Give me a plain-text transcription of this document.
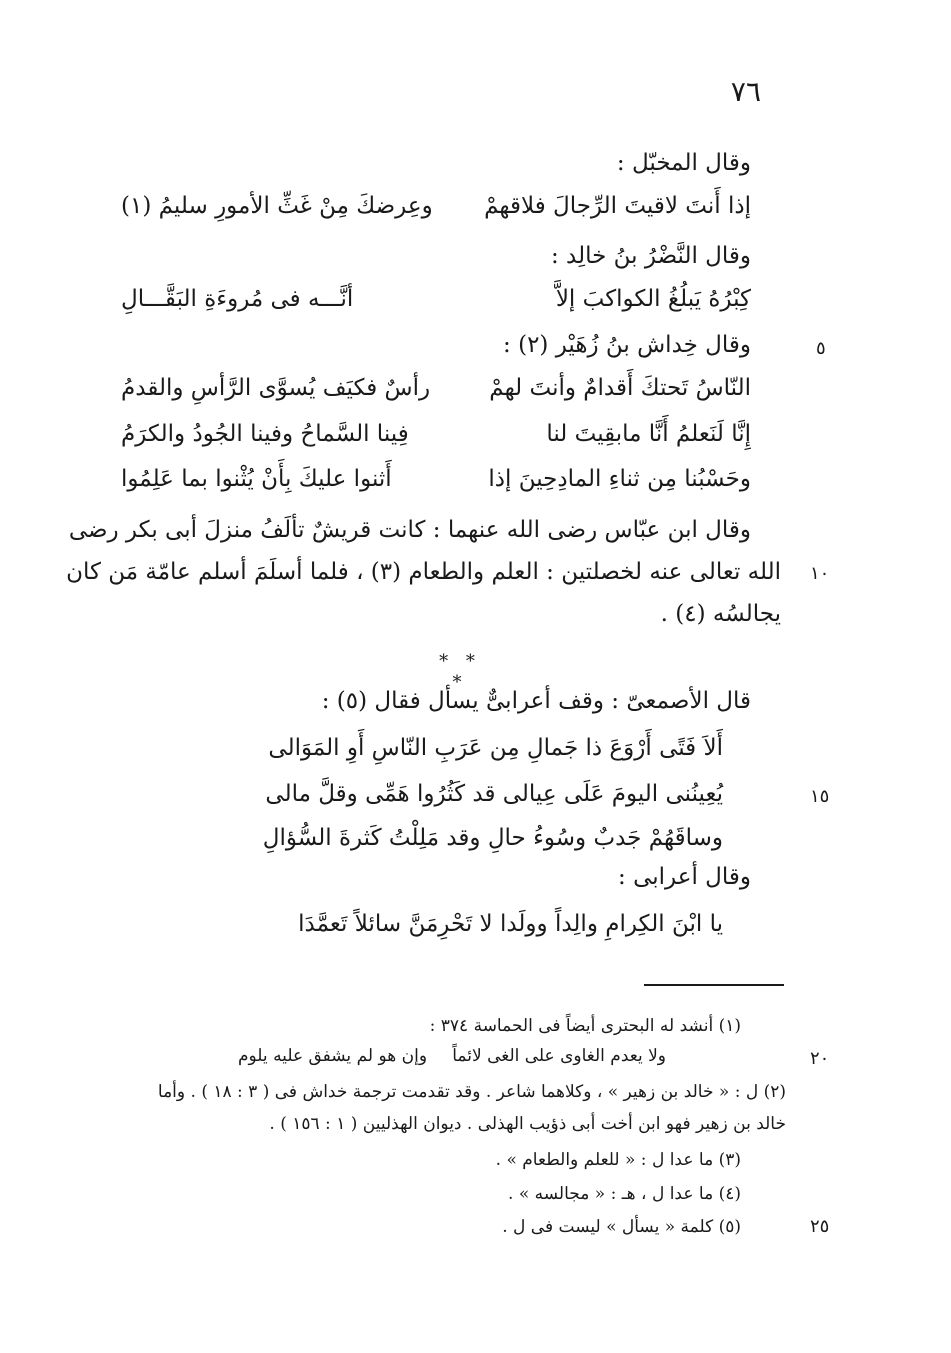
٧٦
وقال المخبّل :
إذا أَنتَ لاقيتَ الرِّجالَ فلاقهمْ
وعِرضكَ مِنْ غَثِّ الأمورِ سليمُ (١)
وقال النَّضْرُ بنُ خالِد :
كِبْرُهُ يَبلُغُ الكواكبَ إلاَّ
أنَّـــه فى مُروءَةِ البَقَّـــالِ
وقال خِداش بنُ زُهَيْر (٢) :	٥
النّاسُ تَحتكَ أَقدامٌ وأنتَ لهمْ
رأسٌ فكيَف يُسوَّى الرَّأسِ والقدمُ
إِنَّا لَنَعلمُ أَنَّا مابقِيتَ لنا
فِينا السَّماحُ وفينا الجُودُ والكرَمُ
وحَسْبُنا مِن ثناءِ المادِحِينَ إذا
أَثنوا عليكَ بِأَنْ يُثْنوا بما عَلِمُوا
وقال ابن عبّاس رضى الله عنهما : كانت قريشٌ تألَفُ منزلَ أبى بكر رضى
الله تعالى عنه لخصلتين : العلم والطعام (٣) ، فلما أسلَمَ أسلم عامّة مَن كان ١٠
يجالسُه (٤) .
* * *
قال الأصمعىّ : وقف أعرابىٌّ يسأل فقال (٥) :
أَلاَ فَتًى أَرْوَعَ ذا جَمالِ مِن عَرَبِ النّاسِ أَوِ المَوَالى
يُعِينُنى اليومَ عَلَى عِيالى قد كَثُرُوا هَمِّى وقلَّ مالى	١٥
وساقَهُمْ جَدبٌ وسُوءُ حالِ وقد مَلِلْتُ كَثرةَ السُّؤالِ
وقال أعرابى :
يا ابْنَ الكِرامِ والِداً وولَدا لا تَحْرِمَنَّ سائلاً تَعمَّدَا
(١) أنشد له البحترى أيضاً فى الحماسة ٣٧٤ :
ولا يعدم الغاوى على الغى لائماً
وإن هو لم يشفق عليه يلوم	٢٠
(٢) ل : « خالد بن زهير » ، وكلاهما شاعر . وقد تقدمت ترجمة خداش فى ( ٣ : ١٨ ) . وأما
خالد بن زهير فهو ابن أخت أبى ذؤيب الهذلى . ديوان الهذليين ( ١ : ١٥٦ ) .
(٣) ما عدا ل : « للعلم والطعام » .
(٤) ما عدا ل ، هـ : « مجالسه » .
(٥) كلمة « يسأل » ليست فى ل .	٢٥
